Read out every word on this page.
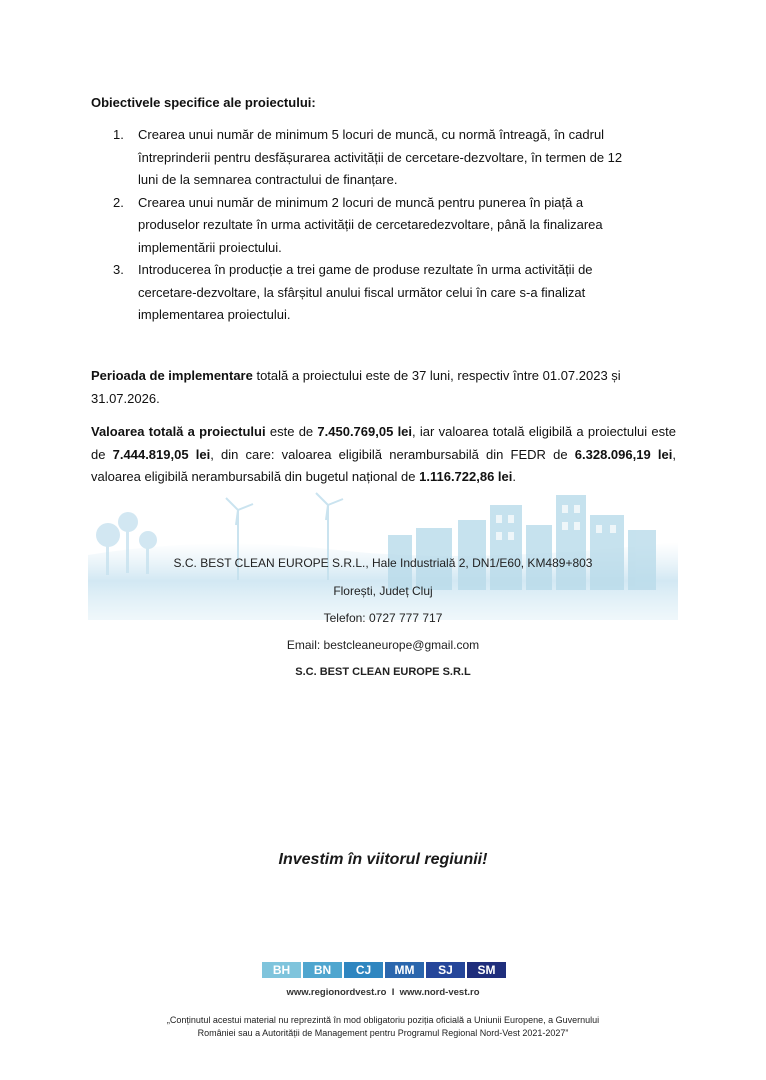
Obiectivele specifice ale proiectului:
1. Crearea unui număr de minimum 5 locuri de muncă, cu normă întreagă, în cadrul
întreprinderii pentru desfășurarea activității de cercetare-dezvoltare, în termen de 12
luni de la semnarea contractului de finanțare.
2. Crearea unui număr de minimum 2 locuri de muncă pentru punerea în piață a
produselor rezultate în urma activității de cercetaredezvoltare, până la finalizarea
implementării proiectului.
3. Introducerea în producție a trei game de produse rezultate în urma activității de
cercetare-dezvoltare, la sfârșitul anului fiscal următor celui în care s-a finalizat
implementarea proiectului.
Perioada de implementare totală a proiectului este de 37 luni, respectiv între 01.07.2023 și
31.07.2026.
Valoarea totală a proiectului este de 7.450.769,05 lei, iar valoarea totală eligibilă a proiectului este de 7.444.819,05 lei, din care: valoarea eligibilă nerambursabilă din FEDR de 6.328.096,19 lei, valoarea eligibilă nerambursabilă din bugetul național de 1.116.722,86 lei.
S.C. BEST CLEAN EUROPE S.R.L., Hale Industrială 2, DN1/E60, KM489+803
Florești, Județ Cluj
Telefon: 0727 777 717
Email: bestcleaneurope@gmail.com
S.C. BEST CLEAN EUROPE S.R.L
Investim în viitorul regiunii!
BH	BN	CJ	MM	SJ	SM
www.regionordvest.ro I www.nord-vest.ro
„Conținutul acestui material nu reprezintă în mod obligatoriu poziția oficială a Uniunii Europene, a Guvernului
României sau a Autorității de Management pentru Programul Regional Nord-Vest 2021-2027”
